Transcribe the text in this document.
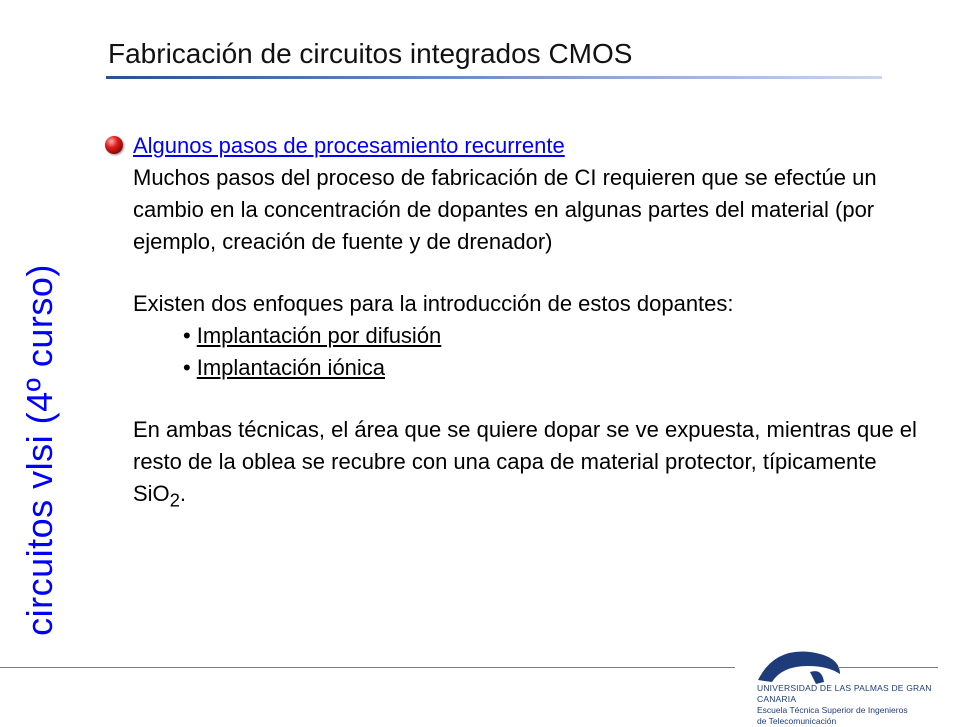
circuitos vlsi (4º curso)
Fabricación de circuitos integrados CMOS
Algunos pasos de procesamiento recurrente
Muchos pasos del proceso de fabricación de CI requieren que se efectúe un cambio en la concentración de dopantes en algunas partes del material (por ejemplo, creación de fuente y de drenador)
Existen dos enfoques para la introducción de estos dopantes:
• Implantación por difusión
• Implantación iónica
En ambas técnicas, el área que se quiere dopar se ve expuesta, mientras que el resto de la oblea se recubre con una capa de material protector, típicamente SiO$_2$.
UNIVERSIDAD DE LAS PALMAS DE GRAN CANARIA
Escuela Técnica Superior de Ingenieros
de Telecomunicación
